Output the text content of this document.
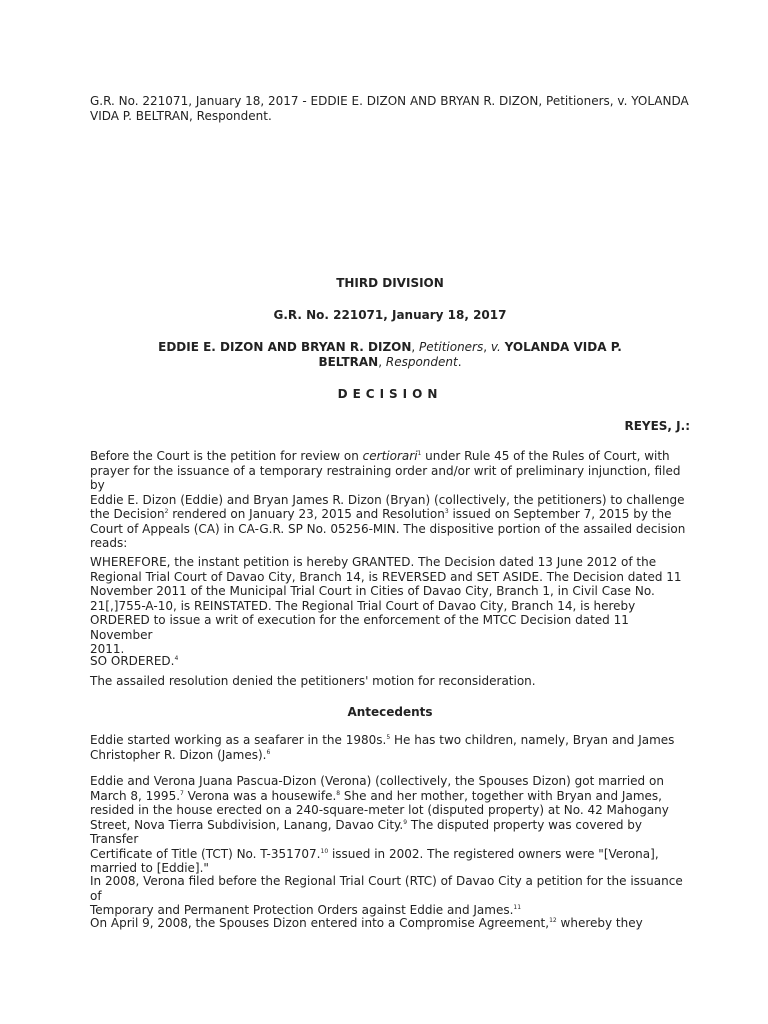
G.R. No. 221071, January 18, 2017 - EDDIE E. DIZON AND BRYAN R. DIZON, Petitioners, v. YOLANDA
VIDA P. BELTRAN, Respondent.

THIRD DIVISION

G.R. No. 221071, January 18, 2017

EDDIE E. DIZON AND BRYAN R. DIZON, Petitioners, v. YOLANDA VIDA P.
BELTRAN, Respondent.

DECISION

REYES, J.:

Before the Court is the petition for review on certiorari$^1$ under Rule 45 of the Rules of Court, with
prayer for the issuance of a temporary restraining order and/or writ of preliminary injunction, filed by
Eddie E. Dizon (Eddie) and Bryan James R. Dizon (Bryan) (collectively, the petitioners) to challenge
the Decision$^2$ rendered on January 23, 2015 and Resolution$^3$ issued on September 7, 2015 by the
Court of Appeals (CA) in CA-G.R. SP No. 05256-MIN. The dispositive portion of the assailed decision
reads:

WHEREFORE, the instant petition is hereby GRANTED. The Decision dated 13 June 2012 of the
Regional Trial Court of Davao City, Branch 14, is REVERSED and SET ASIDE. The Decision dated 11
November 2011 of the Municipal Trial Court in Cities of Davao City, Branch 1, in Civil Case No.
21[,]755-A-10, is REINSTATED. The Regional Trial Court of Davao City, Branch 14, is hereby
ORDERED to issue a writ of execution for the enforcement of the MTCC Decision dated 11 November
2011.

SO ORDERED.$^4$

The assailed resolution denied the petitioners' motion for reconsideration.

Antecedents

Eddie started working as a seafarer in the 1980s.$^5$ He has two children, namely, Bryan and James
Christopher R. Dizon (James).$^6$

Eddie and Verona Juana Pascua-Dizon (Verona) (collectively, the Spouses Dizon) got married on
March 8, 1995.$^7$ Verona was a housewife.$^8$ She and her mother, together with Bryan and James,
resided in the house erected on a 240-square-meter lot (disputed property) at No. 42 Mahogany
Street, Nova Tierra Subdivision, Lanang, Davao City.$^9$ The disputed property was covered by Transfer
Certificate of Title (TCT) No. T-351707.10 issued in 2002. The registered owners were "[Verona],
married to [Eddie]."

In 2008, Verona filed before the Regional Trial Court (RTC) of Davao City a petition for the issuance of
Temporary and Permanent Protection Orders against Eddie and James.$^{11}$

On April 9, 2008, the Spouses Dizon entered into a Compromise Agreement,$^{12}$ whereby they
